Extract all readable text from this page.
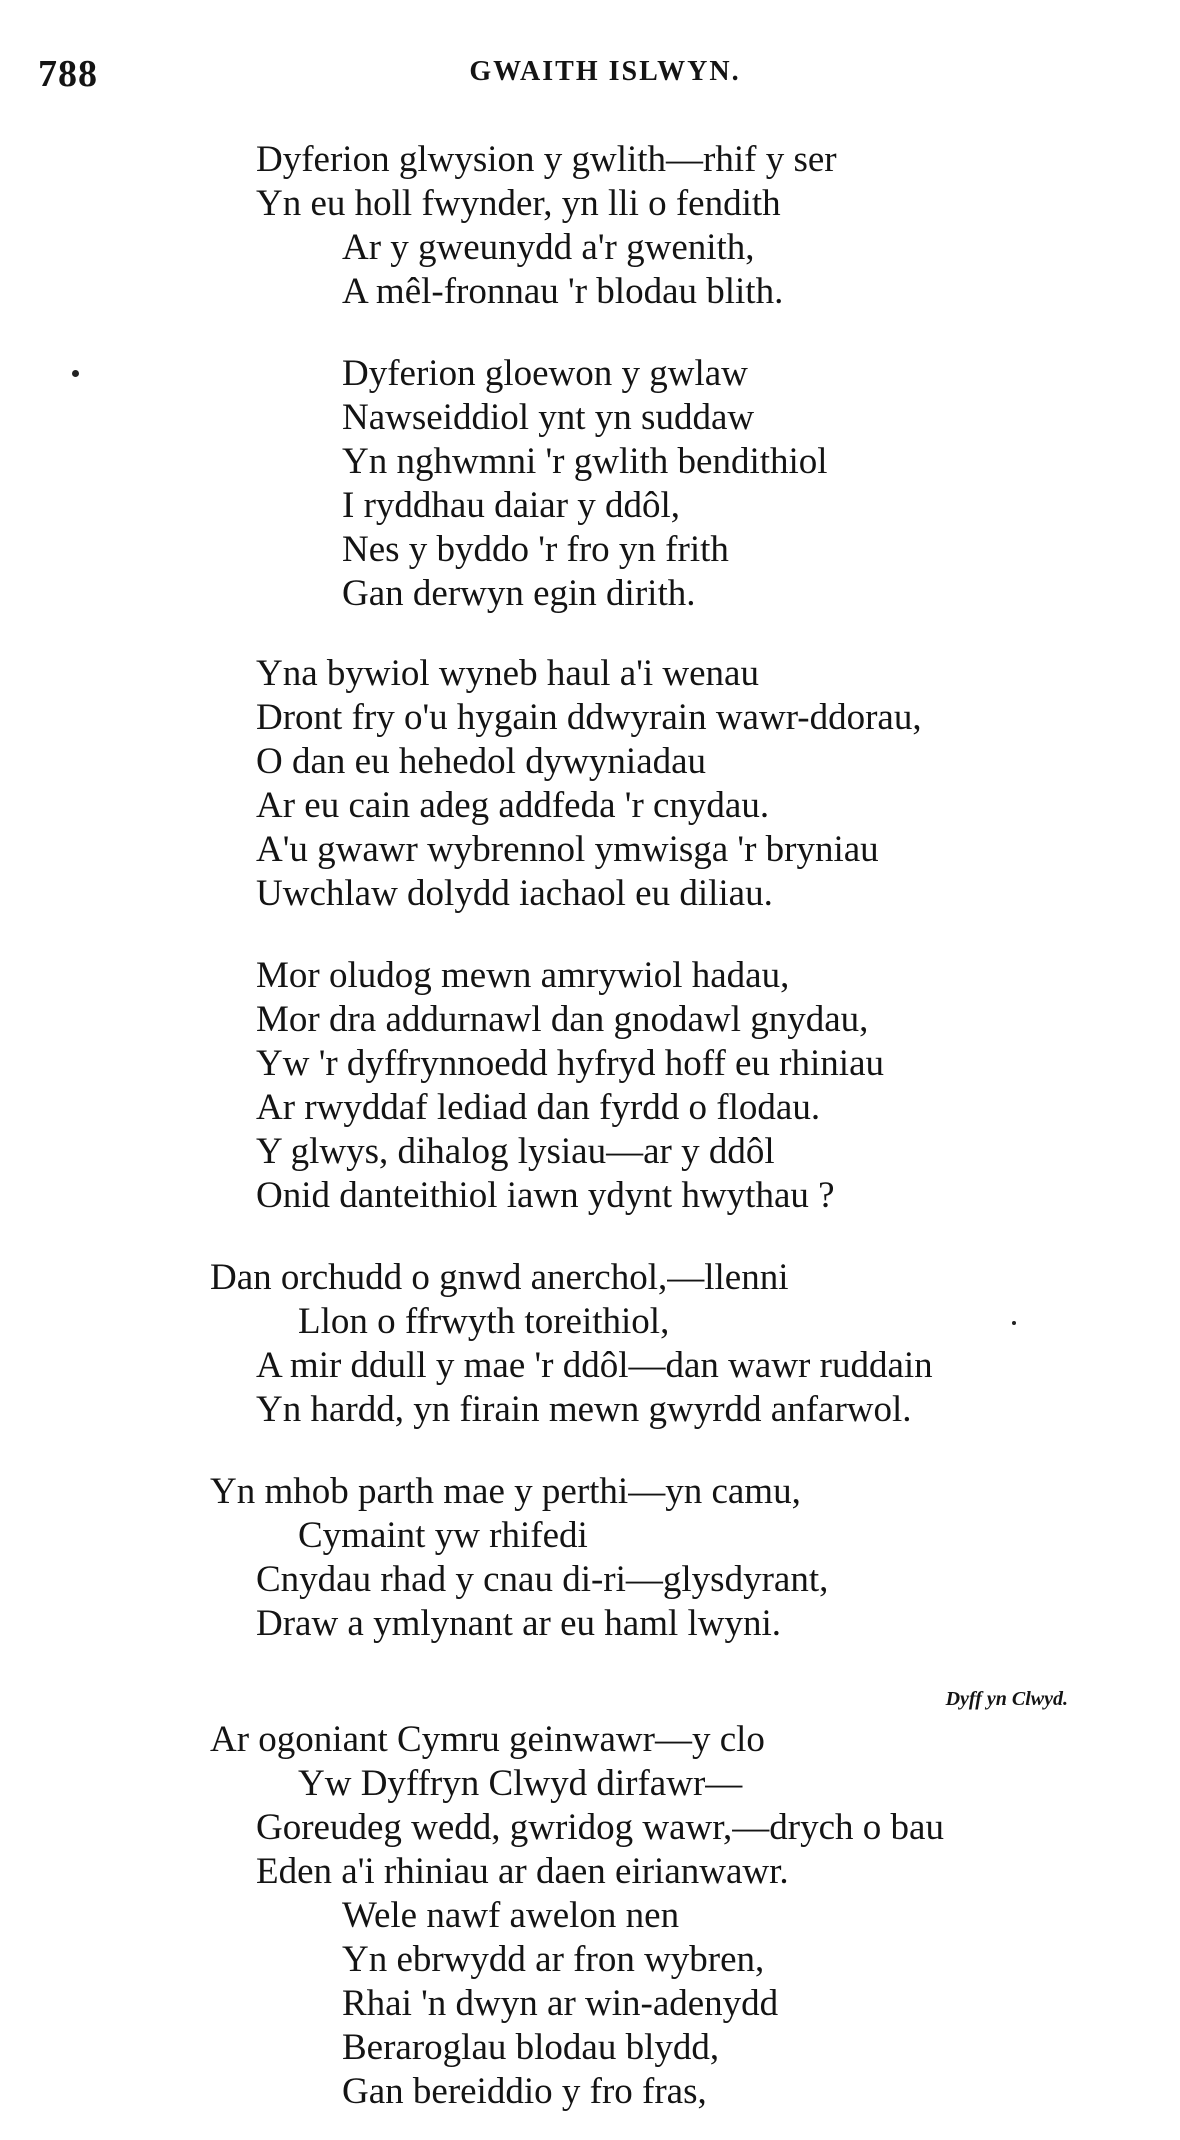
788	GWAITH ISLWYN.
Dyferion glwysion y gwlith—rhif y ser
Yn eu holl fwynder, yn lli o fendith
Ar y gweunydd a'r gwenith,
A mêl-fronnau 'r blodau blith.
Dyferion gloewon y gwlaw
Nawseiddiol ynt yn suddaw
Yn nghwmni 'r gwlith bendithiol
I ryddhau daiar y ddôl,
Nes y byddo 'r fro yn frith
Gan derwyn egin dirith.
Yna bywiol wyneb haul a'i wenau
Dront fry o'u hygain ddwyrain wawr-ddorau,
O dan eu hehedol dywyniadau
Ar eu cain adeg addfeda 'r cnydau.
A'u gwawr wybrennol ymwisga 'r bryniau
Uwchlaw dolydd iachaol eu diliau.
Mor oludog mewn amrywiol hadau,
Mor dra addurnawl dan gnodawl gnydau,
Yw 'r dyffrynnoedd hyfryd hoff eu rhiniau
Ar rwyddaf lediad dan fyrdd o flodau.
Y glwys, dihalog lysiau—ar y ddôl
Onid danteithiol iawn ydynt hwythau ?
Dan orchudd o gnwd anerchol,—llenni
Llon o ffrwyth toreithiol,
A mir ddull y mae 'r ddôl—dan wawr ruddain
Yn hardd, yn firain mewn gwyrdd anfarwol.
Yn mhob parth mae y perthi—yn camu,
Cymaint yw rhifedi
Cnydau rhad y cnau di-ri—glysdyrant,
Draw a ymlynant ar eu haml lwyni.
Dyff yn Clwyd.
Ar ogoniant Cymru geinwawr—y clo
Yw Dyffryn Clwyd dirfawr—
Goreudeg wedd, gwridog wawr,—drych o bau
Eden a'i rhiniau ar daen eirianwawr.
Wele nawf awelon nen
Yn ebrwydd ar fron wybren,
Rhai 'n dwyn ar win-adenydd
Beraroglau blodau blydd,
Gan bereiddio y fro fras,
